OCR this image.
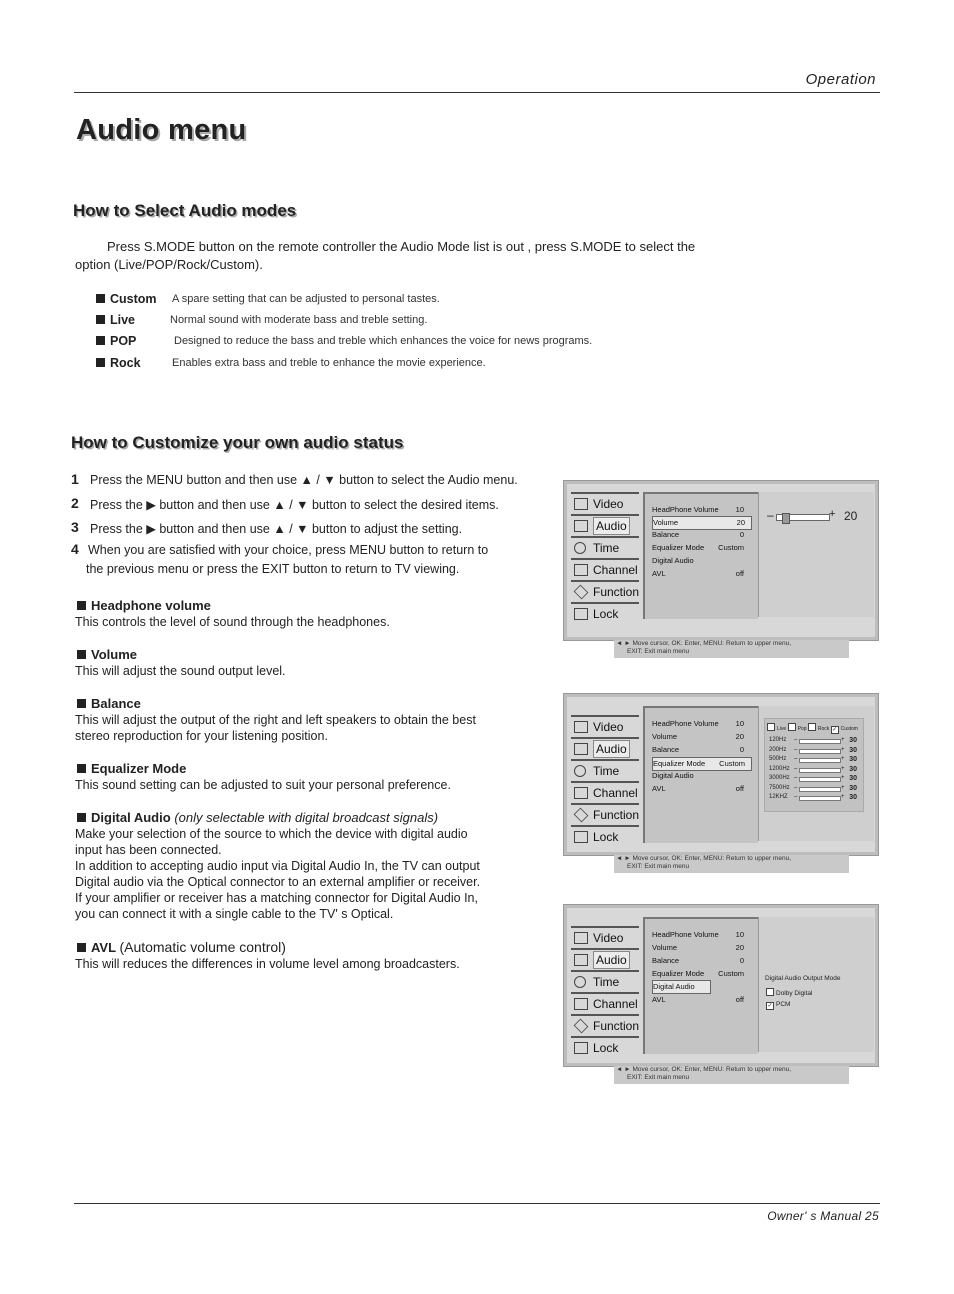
Operation
Audio menu
How to Select Audio modes
Press S.MODE button on the remote controller the Audio Mode list is out , press S.MODE to select the
option (Live/POP/Rock/Custom).
Custom A spare setting that can be adjusted to personal tastes.
Live	Normal sound with moderate bass and treble setting.
POP	Designed to reduce the bass and treble which enhances the voice for news programs.
Rock	Enables extra bass and treble to enhance the movie experience.
How to Customize your own audio status
1 Press the MENU button and then use ▲ / ▼ button to select the Audio menu.
2 Press the ▶ button and then use ▲ / ▼ button to select the desired items.
3 Press the ▶ button and then use ▲ / ▼ button to adjust the setting.
4 When you are satisfied with your choice, press MENU button to return to
the previous menu or press the EXIT button to return to TV viewing.
Headphone volume
This controls the level of sound through the headphones.
Volume
This will adjust the sound output level.
Balance
This will adjust the output of the right and left speakers to obtain the best
stereo reproduction for your listening position.
Equalizer Mode
This sound setting can be adjusted to suit your personal preference.
Digital Audio (only selectable with digital broadcast signals)
Make your selection of the source to which the device with digital audio
input has been connected.
In addition to accepting audio input via Digital Audio In, the TV can output
Digital audio via the Optical connector to an external amplifier or receiver.
If your amplifier or receiver has a matching connector for Digital Audio In,
you can connect it with a single cable to the TV' s Optical.
AVL (Automatic volume control)
This will reduces the differences in volume level among broadcasters.
Video
Audio
Time
Channel
Function
Lock
HeadPhone Volume 10
Volume	20
Balance	0
Equalizer Mode Custom
Digital Audio
AVL	off
–	+ 20
◄ ► Move cursor, OK: Enter, MENU: Return to upper menu,
EXIT: Exit main menu
Video
Audio
Time
Channel
Function
Lock
HeadPhone Volume 10
Volume	20
Balance	0
Equalizer Mode Custom
Digital Audio
AVL	off
Live Pop Rock ✓ Custom
120Hz –	+ 30
200Hz –	+ 30
500Hz –	+ 30
1200Hz –	+ 30
3000Hz –	+ 30
7500Hz –	+ 30
12KHZ –	+ 30
◄ ► Move cursor, OK: Enter, MENU: Return to upper menu,
EXIT: Exit main menu
Video
Audio
Time
Channel
Function
Lock
HeadPhone Volume 10
Volume	20
Balance	0
Equalizer Mode Custom
Digital Audio
AVL	off
Digital Audio Output Mode
Dolby Digital
✓ PCM
◄ ► Move cursor, OK: Enter, MENU: Return to upper menu,
EXIT: Exit main menu
Owner' s Manual 25
